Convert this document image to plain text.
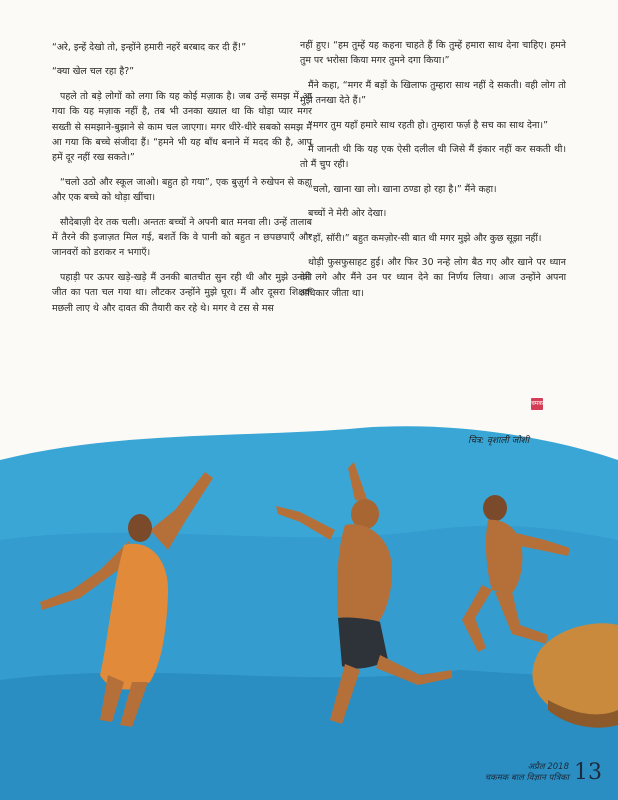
“अरे, इन्हें देखो तो, इन्होंने हमारी नहरें बरबाद कर दी हैं!”

“क्या खेल चल रहा है?”

पहले तो बड़े लोगों को लगा कि यह कोई मज़ाक है। जब उन्हें समझ में आ गया कि यह मज़ाक नहीं है, तब भी उनका ख्याल था कि थोड़ा प्यार मगर सख्ती से समझाने-बुझाने से काम चल जाएगा। मगर धीरे-धीरे सबको समझ में आ गया कि बच्चे संजीदा हैं। “हमने भी यह बाँध बनाने में मदद की है, आप हमें दूर नहीं रख सकते।”

“चलो उठो और स्कूल जाओ। बहुत हो गया”, एक बुज़ुर्ग ने रुखेपन से कहा और एक बच्चे को थोड़ा खींचा।

सौदेबाज़ी देर तक चली। अन्ततः बच्चों ने अपनी बात मनवा ली। उन्हें तालाब में तैरने की इजाज़त मिल गई, बशर्ते कि वे पानी को बहुत न छपछपाएँ और जानवरों को डराकर न भगाएँ।

पहाड़ी पर ऊपर खड़े-खड़े मैं उनकी बातचीत सुन रही थी और मुझे उनकी जीत का पता चल गया था। लौटकर उन्होंने मुझे घूरा। मैं और दूसरा शिक्षक मछली लाए थे और दावत की तैयारी कर रहे थे। मगर वे टस से मस

नहीं हुए। “हम तुम्हें यह कहना चाहते हैं कि तुम्हें हमारा साथ देना चाहिए। हमने तुम पर भरोसा किया मगर तुमने दगा किया।”

मैंने कहा, “मगर मैं बड़ों के खिलाफ तुम्हारा साथ नहीं दे सकती। वही लोग तो मुझे तनखा देते हैं।”

“मगर तुम यहाँ हमारे साथ रहती हो। तुम्हारा फर्ज़ है सच का साथ देना।”

मैं जानती थी कि यह एक ऐसी दलील थी जिसे मैं इंकार नहीं कर सकती थी। तो मैं चुप रही।

“चलो, खाना खा लो। खाना ठण्डा हो रहा है।” मैंने कहा।

बच्चों ने मेरी ओर देखा।

“हाँ, सॉरी।” बहुत कमज़ोर-सी बात थी मगर मुझे और कुछ सूझा नहीं।

थोड़ी फुसफुसाहट हुई। और फिर 30 नन्हे लोग बैठ गए और खाने पर ध्यान देने लगे और मैंने उन पर ध्यान देने का निर्णय लिया। आज उन्होंने अपना अधिकार जीता था।

चमक
चित्र: वृशाली जोशी
अप्रैल 2018
चकमक बाल विज्ञान पत्रिका 13
